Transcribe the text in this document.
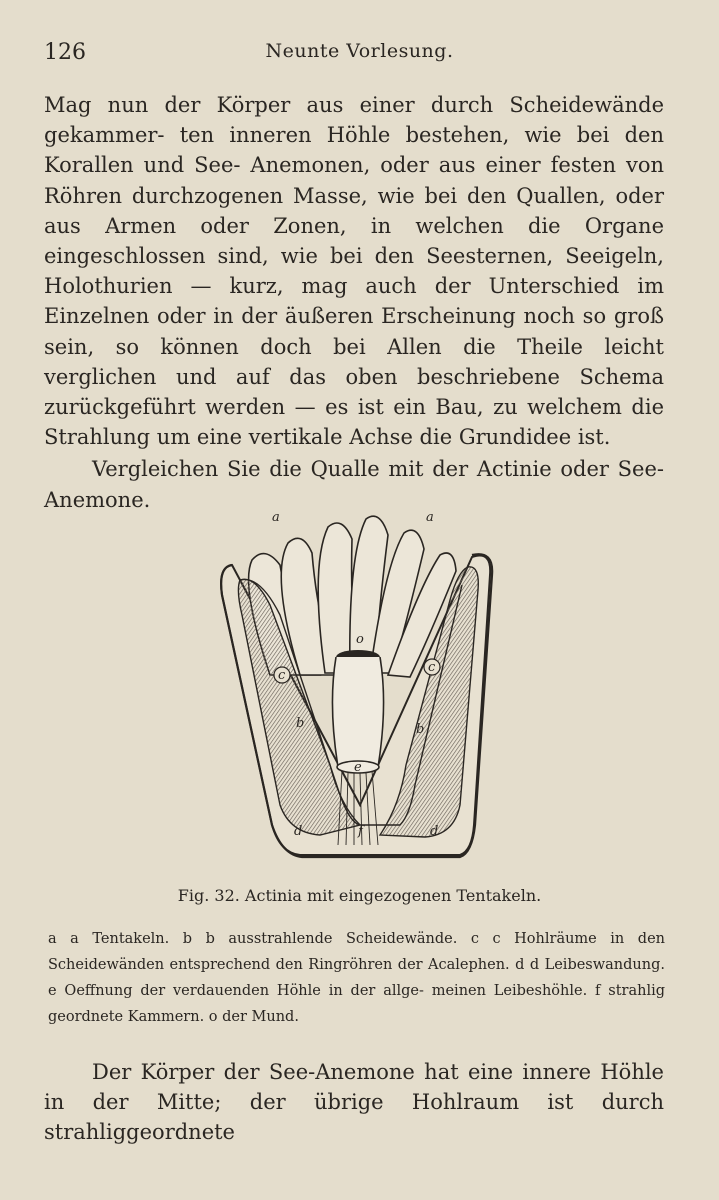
126	Neunte Vorlesung.

Mag nun der Körper aus einer durch Scheidewände gekammer- ten inneren Höhle bestehen, wie bei den Korallen und See- Anemonen, oder aus einer festen von Röhren durchzogenen Masse, wie bei den Quallen, oder aus Armen oder Zonen, in welchen die Organe eingeschlossen sind, wie bei den Seesternen, Seeigeln, Holothurien — kurz, mag auch der Unterschied im Einzelnen oder in der äußeren Erscheinung noch so groß sein, so können doch bei Allen die Theile leicht verglichen und auf das oben beschriebene Schema zurückgeführt werden — es ist ein Bau, zu welchem die Strahlung um eine vertikale Achse die Grundidee ist.

Vergleichen Sie die Qualle mit der Actinie oder See- Anemone.

a	a
o
c
c
b	b
e
f
d	d
Fig. 32. Actinia mit eingezogenen Tentakeln.

a a Tentakeln. b b ausstrahlende Scheidewände. c c Hohlräume in den Scheidewänden entsprechend den Ringröhren der Acalephen. d d Leibeswandung. e Oeffnung der verdauenden Höhle in der allge- meinen Leibeshöhle. f strahlig geordnete Kammern. o der Mund.

Der Körper der See-Anemone hat eine innere Höhle in der Mitte; der übrige Hohlraum ist durch strahliggeordnete
